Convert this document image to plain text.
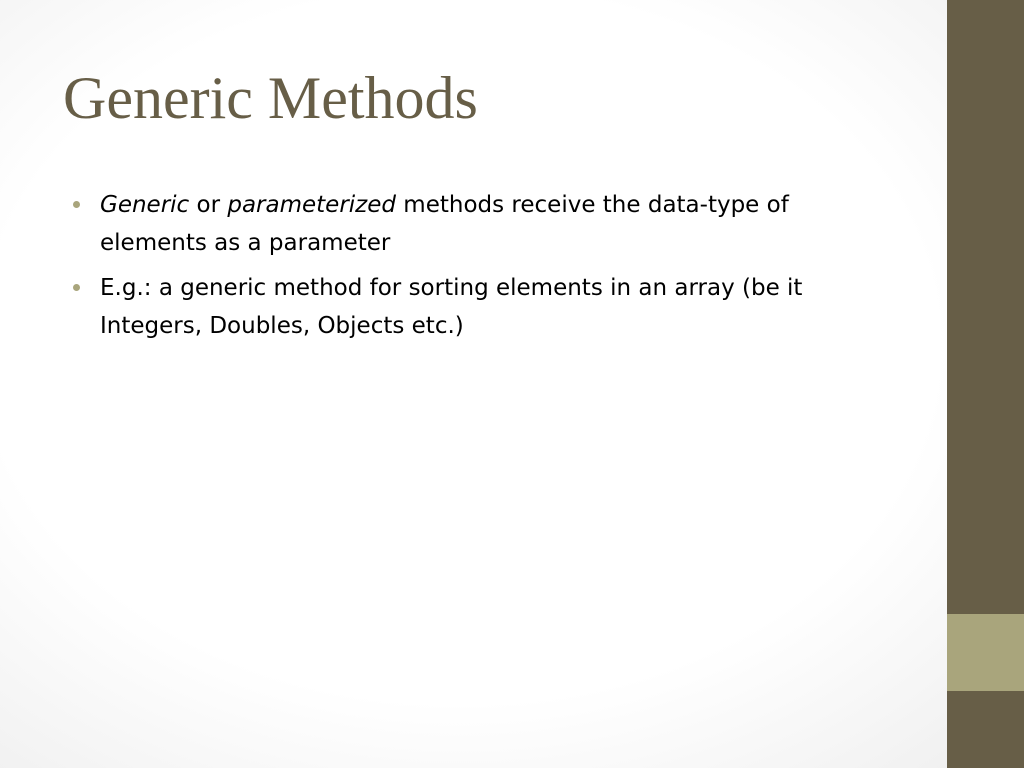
Generic Methods
Generic or parameterized methods receive the data-type of elements as a parameter
E.g.: a generic method for sorting elements in an array (be it Integers, Doubles, Objects etc.)
